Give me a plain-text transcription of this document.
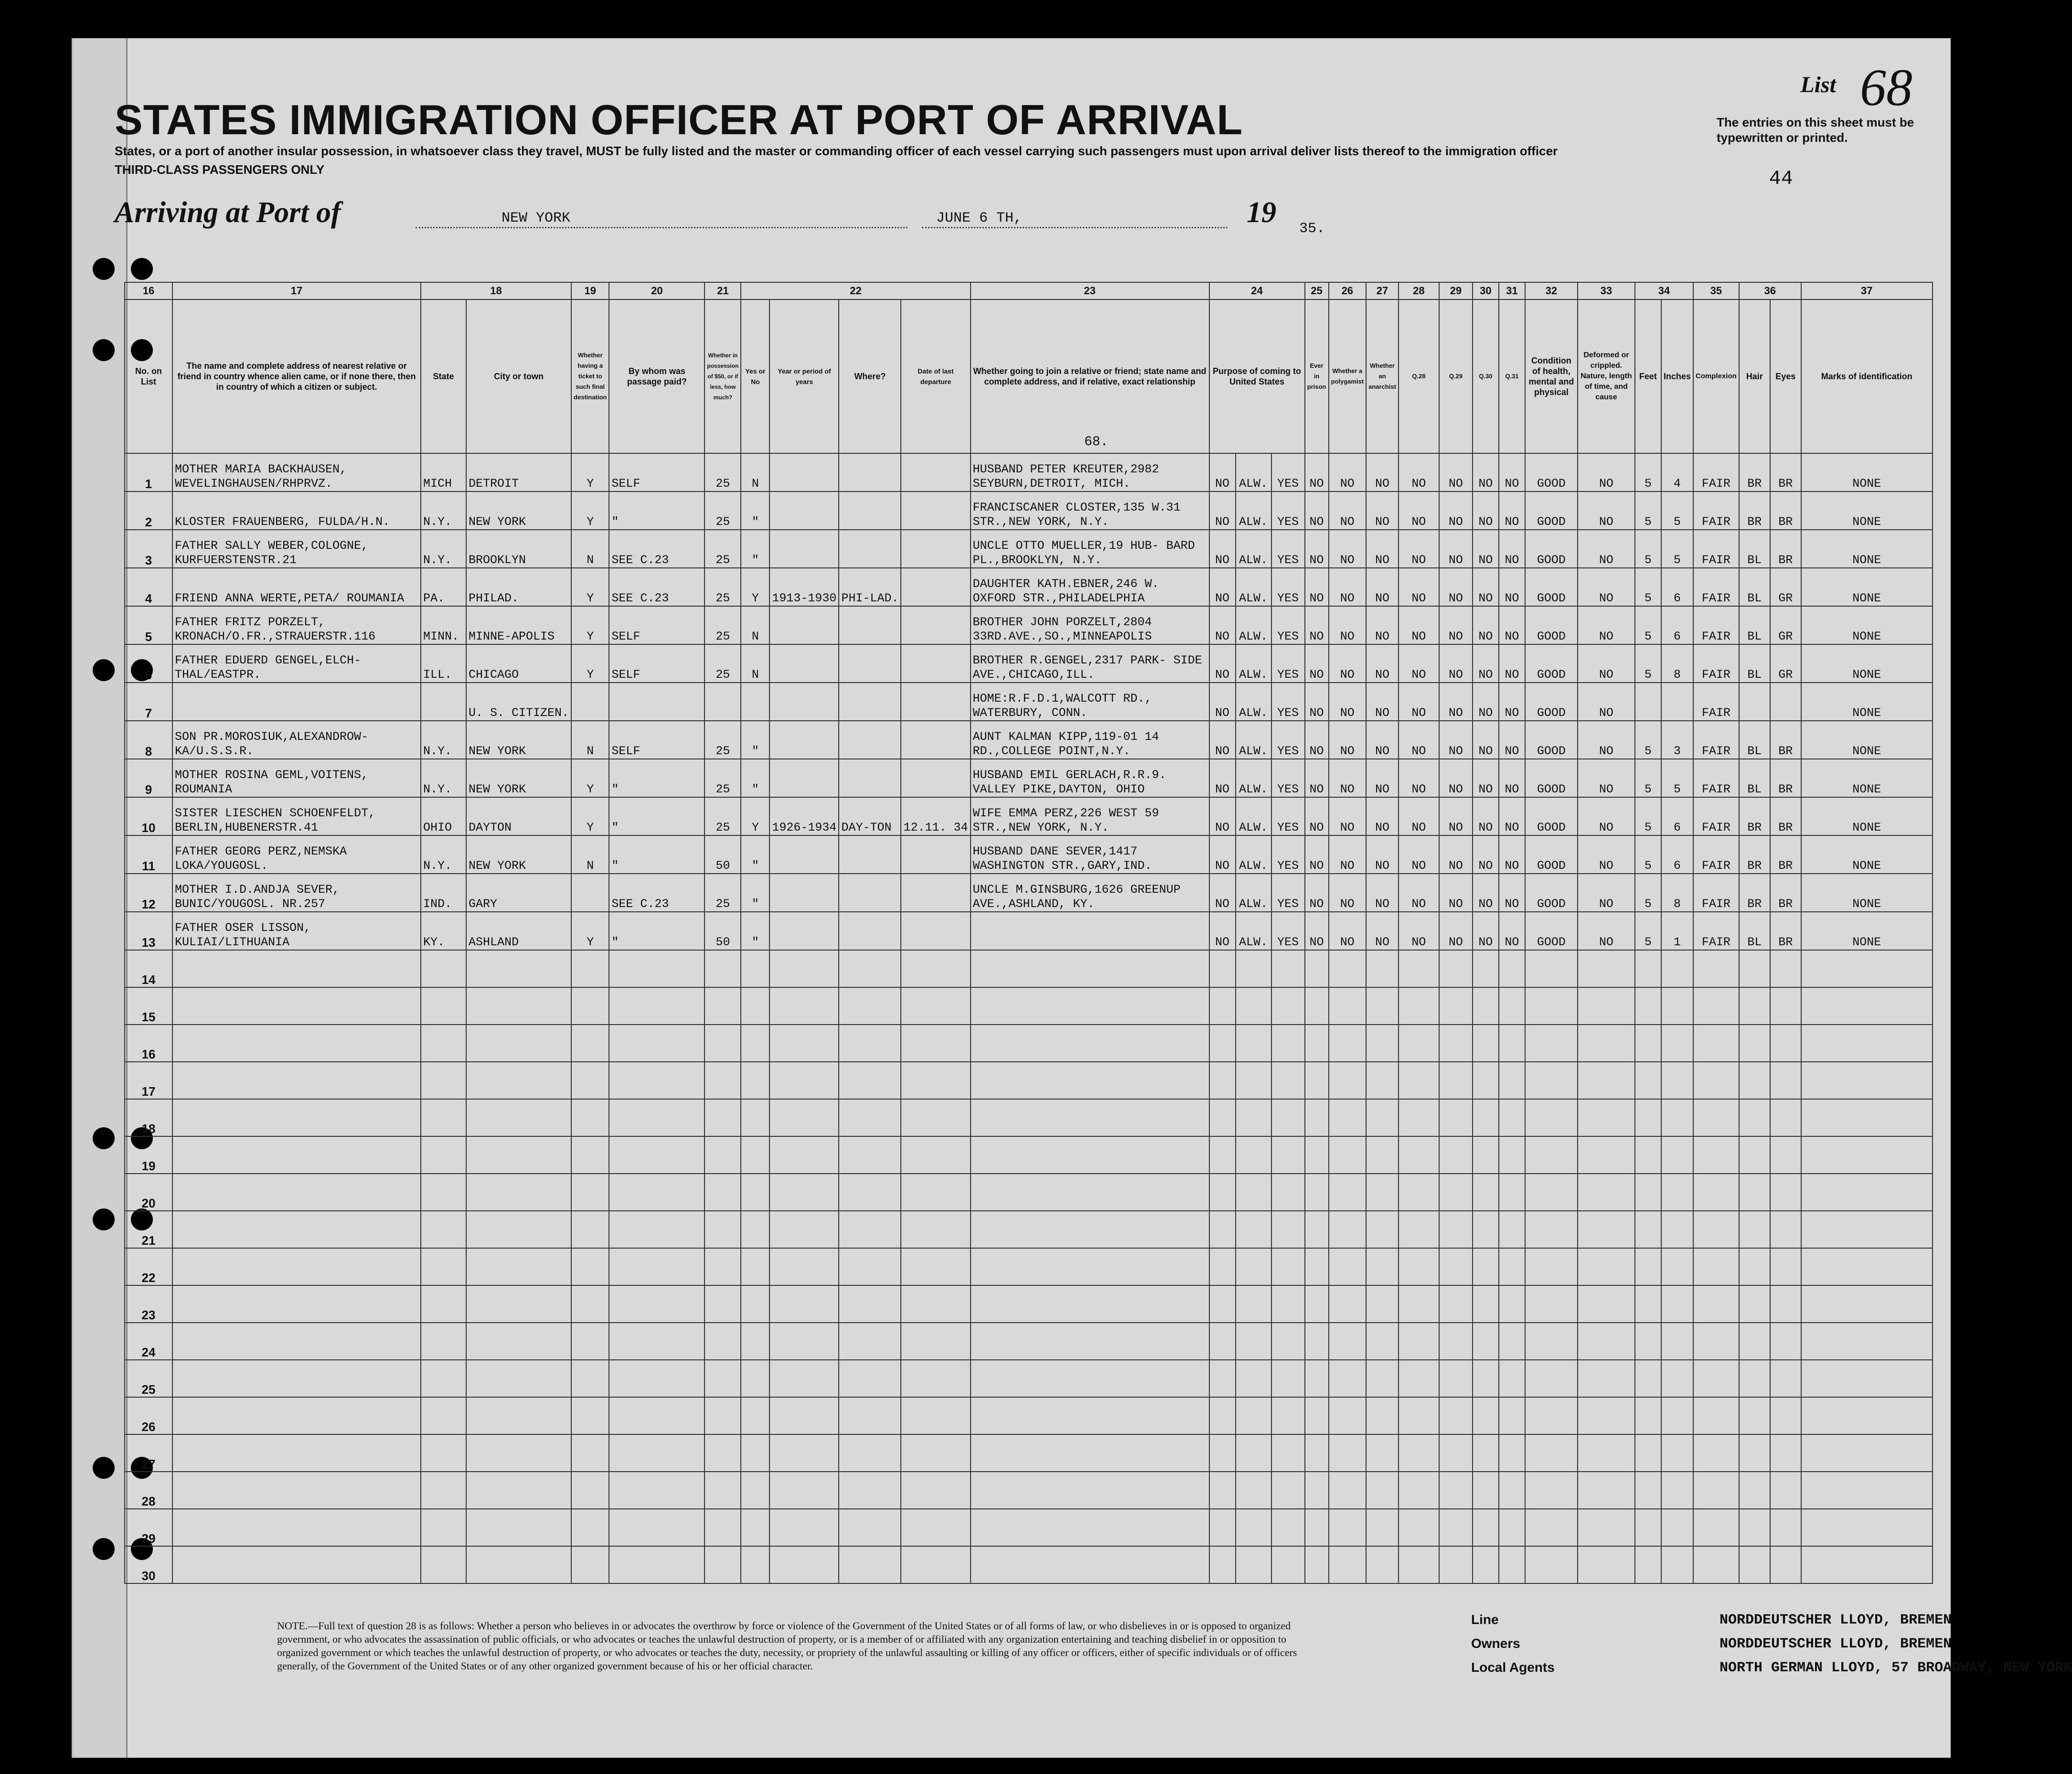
STATES IMMIGRATION OFFICER AT PORT OF ARRIVAL
States, or a port of another insular possession, in whatsoever class they travel, MUST be fully listed and the master or commanding officer of each vessel carrying such passengers must upon arrival deliver lists thereof to the immigration officer
THIRD-CLASS PASSENGERS ONLY
Arriving at Port of	NEW YORK	JUNE 6 TH,	19 35.
List 68
The entries on this sheet must be typewritten or printed.
44
16	17	18		19	20	21	22				23	24			25	26	27	28	29	30	31	32	33	34		35	36		37
No. on List	The name and complete address of nearest relative or friend in country whence alien came, or if none there, then in country of which a citizen or subject.	State	City or town	Whether having a ticket to such final destination	By whom was passage paid?	Whether in possession of $50, or if less, how much?	Yes or No	Year or period of years	Where?	Date of last departure	Whether going to join a relative or friend; state name and complete address, and if relative, exact relationship	Purpose of coming to United States			Ever in prison	Whether a polygamist	Whether an anarchist	Q.28	Q.29	Q.30	Q.31	Condition of health, mental and physical	Deformed or crippled. Nature, length of time, and cause	Feet	Inches	Complexion	Hair	Eyes	Marks of identification
1	MOTHER MARIA BACKHAUSEN, WEVELINGHAUSEN/RHPRVZ.	MICH	DETROIT	Y	SELF	25	N				HUSBAND PETER KREUTER,2982 SEYBURN,DETROIT, MICH.	NO	ALW.	YES	NO	NO	NO	NO	NO	NO	NO	GOOD	NO	5	4	FAIR	BR	BR	NONE
2	KLOSTER FRAUENBERG, FULDA/H.N.	N.Y.	NEW YORK	Y	"	25	"				FRANCISCANER CLOSTER,135 W.31 STR.,NEW YORK, N.Y.	NO	ALW.	YES	NO	NO	NO	NO	NO	NO	NO	GOOD	NO	5	5	FAIR	BR	BR	NONE
3	FATHER SALLY WEBER,COLOGNE, KURFUERSTENSTR.21	N.Y.	BROOKLYN	N	SEE C.23	25	"				UNCLE OTTO MUELLER,19 HUB- BARD PL.,BROOKLYN, N.Y.	NO	ALW.	YES	NO	NO	NO	NO	NO	NO	NO	GOOD	NO	5	5	FAIR	BL	BR	NONE
4	FRIEND ANNA WERTE,PETA/ ROUMANIA	PA.	PHILAD.	Y	SEE C.23	25	Y	1913-1930	PHI-LAD.		DAUGHTER KATH.EBNER,246 W. OXFORD STR.,PHILADELPHIA	NO	ALW.	YES	NO	NO	NO	NO	NO	NO	NO	GOOD	NO	5	6	FAIR	BL	GR	NONE
5	FATHER FRITZ PORZELT, KRONACH/O.FR.,STRAUERSTR.116	MINN.	MINNE-APOLIS	Y	SELF	25	N				BROTHER JOHN PORZELT,2804 33RD.AVE.,SO.,MINNEAPOLIS	NO	ALW.	YES	NO	NO	NO	NO	NO	NO	NO	GOOD	NO	5	6	FAIR	BL	GR	NONE
6	FATHER EDUERD GENGEL,ELCH- THAL/EASTPR.	ILL.	CHICAGO	Y	SELF	25	N				BROTHER R.GENGEL,2317 PARK- SIDE AVE.,CHICAGO,ILL.	NO	ALW.	YES	NO	NO	NO	NO	NO	NO	NO	GOOD	NO	5	8	FAIR	BL	GR	NONE
7			U. S. CITIZEN.								HOME:R.F.D.1,WALCOTT RD., WATERBURY, CONN.	NO	ALW.	YES	NO	NO	NO	NO	NO	NO	NO	GOOD	NO			FAIR			NONE
8	SON PR.MOROSIUK,ALEXANDROW- KA/U.S.S.R.	N.Y.	NEW YORK	N	SELF	25	"				AUNT KALMAN KIPP,119-01 14 RD.,COLLEGE POINT,N.Y.	NO	ALW.	YES	NO	NO	NO	NO	NO	NO	NO	GOOD	NO	5	3	FAIR	BL	BR	NONE
9	MOTHER ROSINA GEML,VOITENS, ROUMANIA	N.Y.	NEW YORK	Y	"	25	"				HUSBAND EMIL GERLACH,R.R.9. VALLEY PIKE,DAYTON, OHIO	NO	ALW.	YES	NO	NO	NO	NO	NO	NO	NO	GOOD	NO	5	5	FAIR	BL	BR	NONE
10	SISTER LIESCHEN SCHOENFELDT, BERLIN,HUBENERSTR.41	OHIO	DAYTON	Y	"	25	Y	1926-1934	DAY-TON	12.11. 34	WIFE EMMA PERZ,226 WEST 59 STR.,NEW YORK, N.Y.	NO	ALW.	YES	NO	NO	NO	NO	NO	NO	NO	GOOD	NO	5	6	FAIR	BR	BR	NONE
11	FATHER GEORG PERZ,NEMSKA LOKA/YOUGOSL.	N.Y.	NEW YORK	N	"	50	"				HUSBAND DANE SEVER,1417 WASHINGTON STR.,GARY,IND.	NO	ALW.	YES	NO	NO	NO	NO	NO	NO	NO	GOOD	NO	5	6	FAIR	BR	BR	NONE
12	MOTHER I.D.ANDJA SEVER, BUNIC/YOUGOSL. NR.257	IND.	GARY		SEE C.23	25	"				UNCLE M.GINSBURG,1626 GREENUP AVE.,ASHLAND, KY.	NO	ALW.	YES	NO	NO	NO	NO	NO	NO	NO	GOOD	NO	5	8	FAIR	BR	BR	NONE
13	FATHER OSER LISSON, KULIAI/LITHUANIA	KY.	ASHLAND	Y	"	50	"					NO	ALW.	YES	NO	NO	NO	NO	NO	NO	NO	GOOD	NO	5	1	FAIR	BL	BR	NONE
14																													
15																													
16																													
17																													
18																													
19																													
20																													
21																													
22																													
23																													
24																													
25																													
26																													
27																													
28																													
29																													
30																													
68.
NOTE.—Full text of question 28 is as follows: Whether a person who believes in or advocates the overthrow by force or violence of the Government of the United States or of all forms of law, or who disbelieves in or is opposed to organized government, or who advocates the assassination of public officials, or who advocates or teaches the unlawful destruction of property, or is a member of or affiliated with any organization entertaining and teaching disbelief in or opposition to organized government or which teaches the unlawful destruction of property, or who advocates or teaches the duty, necessity, or propriety of the unlawful assaulting or killing of any officer or officers, either of specific individuals or of officers generally, of the Government of the United States or of any other organized government because of his or her official character.
Line	NORDDEUTSCHER LLOYD, BREMEN
Owners	NORDDEUTSCHER LLOYD, BREMEN
Local Agents	NORTH GERMAN LLOYD, 57 BROADWAY, NEW YORK
